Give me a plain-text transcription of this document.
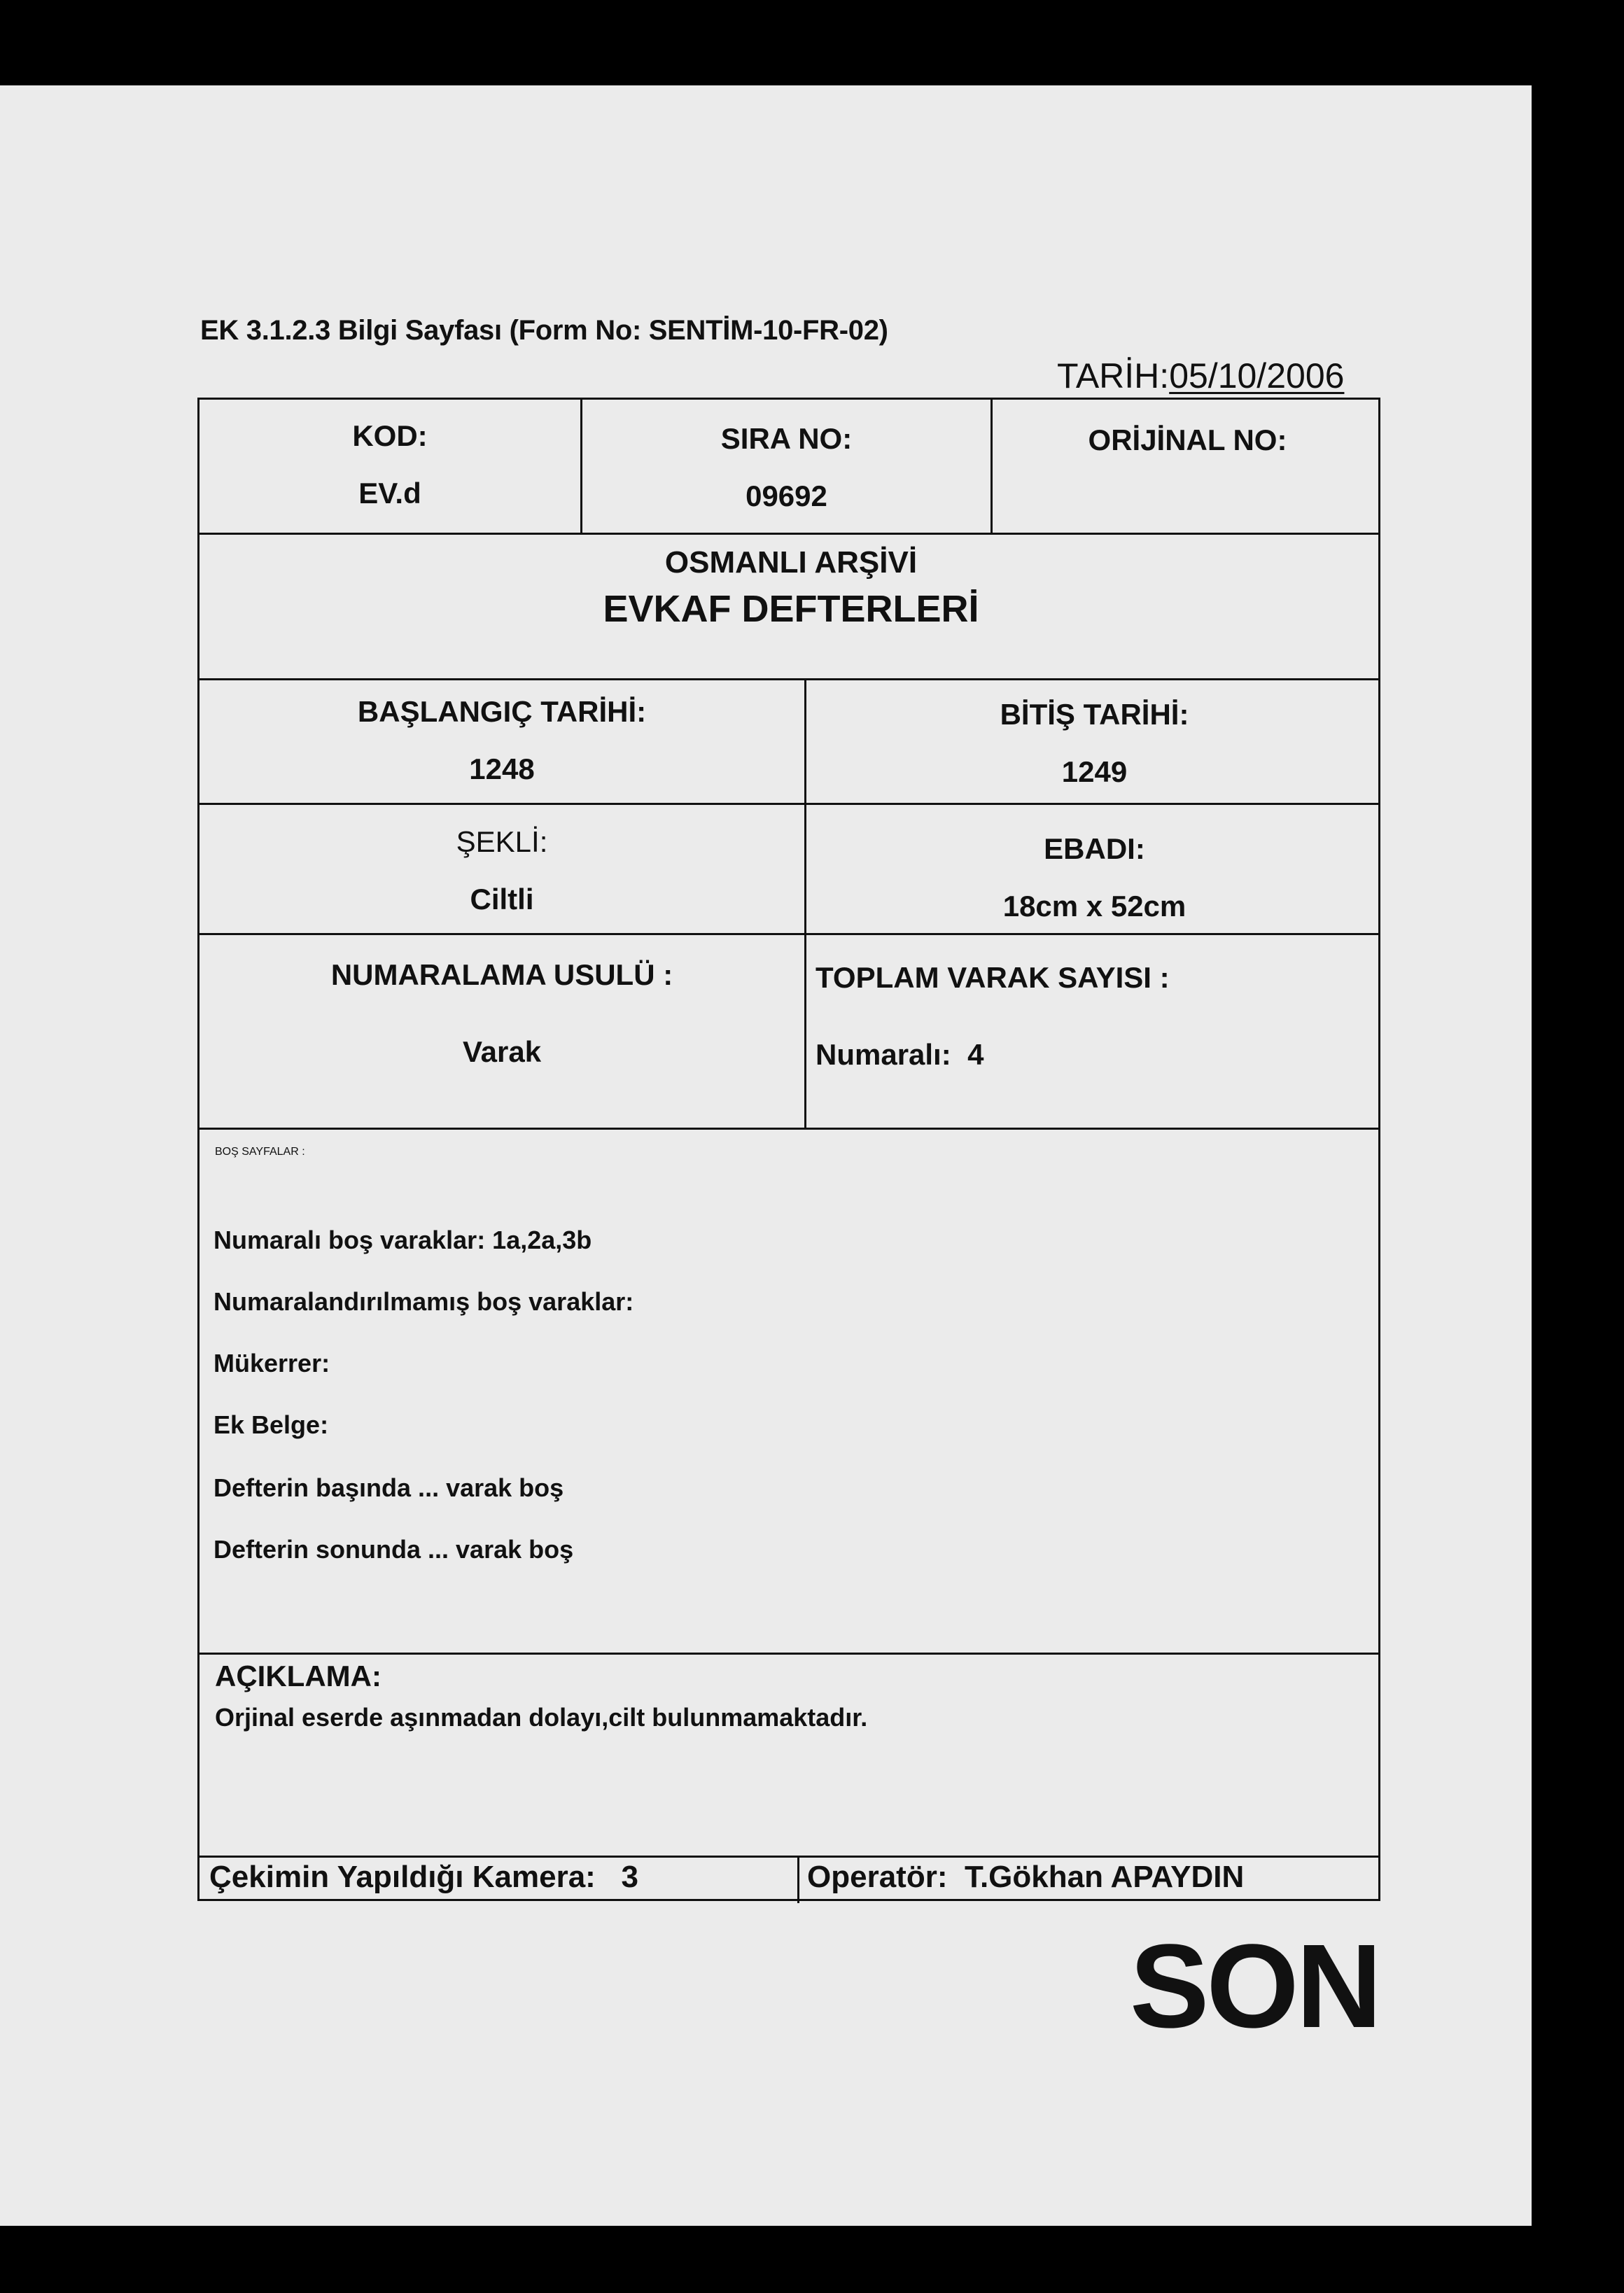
EK 3.1.2.3 Bilgi Sayfası (Form No: SENTİM-10-FR-02)
TARİH:05/10/2006
KOD:
EV.d
SIRA NO:
09692
ORİJİNAL NO:
OSMANLI ARŞİVİ
EVKAF DEFTERLERİ
BAŞLANGIÇ TARİHİ:
1248
BİTİŞ TARİHİ:
1249
ŞEKLİ:
Ciltli
EBADI:
18cm x 52cm
NUMARALAMA USULÜ :
Varak
TOPLAM VARAK SAYISI :
Numaralı: 4
BOŞ SAYFALAR :
Numaralı boş varaklar: 1a,2a,3b
Numaralandırılmamış boş varaklar:
Mükerrer:
Ek Belge:
Defterin başında ... varak boş
Defterin sonunda ... varak boş
AÇIKLAMA:
Orjinal eserde aşınmadan dolayı,cilt bulunmamaktadır.
Çekimin Yapıldığı Kamera: 3	Operatör: T.Gökhan APAYDIN
SON
